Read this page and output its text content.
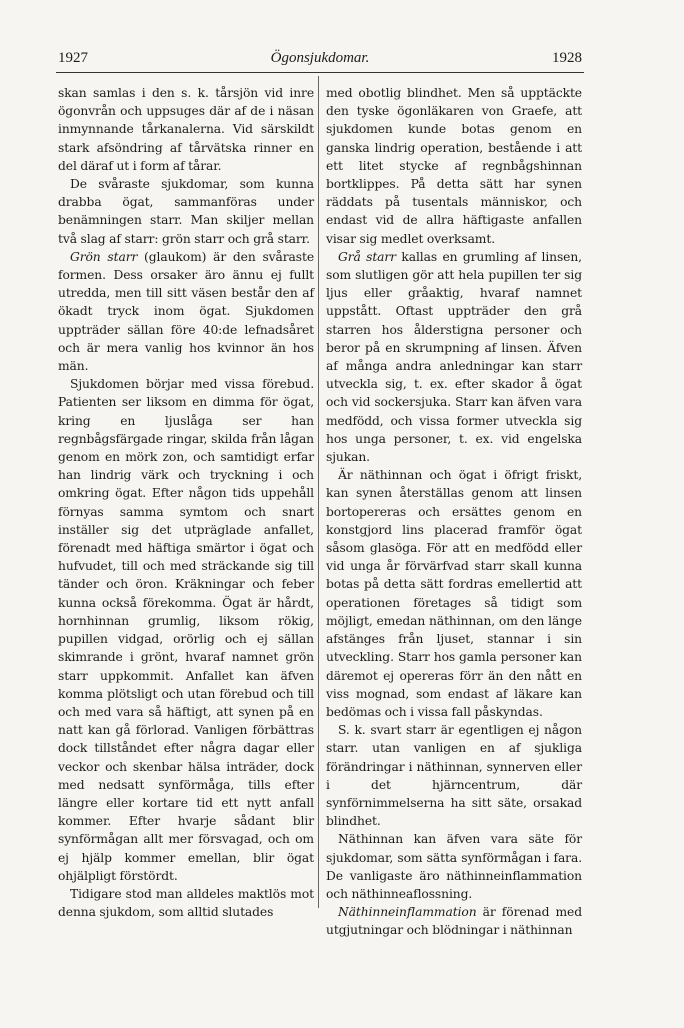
1927	Ögonsjukdomar.	1928

skan samlas i den s. k. tårsjön vid inre ögonvrån och uppsuges där af de i näsan inmynnande tårkanalerna. Vid särskildt stark afsöndring af tårvätska rinner en del däraf ut i form af tårar.

De svåraste sjukdomar, som kunna drabba ögat, sammanföras under benämningen starr. Man skiljer mellan två slag af starr: grön starr och grå starr.

Grön starr (glaukom) är den svåraste formen. Dess orsaker äro ännu ej fullt utredda, men till sitt väsen består den af ökadt tryck inom ögat. Sjukdomen uppträder sällan före 40:de lefnadsåret och är mera vanlig hos kvinnor än hos män.

Sjukdomen börjar med vissa förebud. Patienten ser liksom en dimma för ögat, kring en ljuslåga ser han regnbågsfärgade ringar, skilda från lågan genom en mörk zon, och samtidigt erfar han lindrig värk och tryckning i och omkring ögat. Efter någon tids uppehåll förnyas samma symtom och snart inställer sig det utpräglade anfallet, förenadt med häftiga smärtor i ögat och hufvudet, till och med sträckande sig till tänder och öron. Kräkningar och feber kunna också förekomma. Ögat är hårdt, hornhinnan grumlig, liksom rökig, pupillen vidgad, orörlig och ej sällan skimrande i grönt, hvaraf namnet grön starr uppkommit. Anfallet kan äfven komma plötsligt och utan förebud och till och med vara så häftigt, att synen på en natt kan gå förlorad. Vanligen förbättras dock tillståndet efter några dagar eller veckor och skenbar hälsa inträder, dock med nedsatt synförmåga, tills efter längre eller kortare tid ett nytt anfall kommer. Efter hvarje sådant blir synförmågan allt mer försvagad, och om ej hjälp kommer emellan, blir ögat ohjälpligt förstördt.

Tidigare stod man alldeles maktlös mot denna sjukdom, som alltid slutades

med obotlig blindhet. Men så upptäckte den tyske ögonläkaren von Graefe, att sjukdomen kunde botas genom en ganska lindrig operation, bestående i att ett litet stycke af regnbågshinnan bortklippes. På detta sätt har synen räddats på tusentals människor, och endast vid de allra häftigaste anfallen visar sig medlet overksamt.

Grå starr kallas en grumling af linsen, som slutligen gör att hela pupillen ter sig ljus eller gråaktig, hvaraf namnet uppstått. Oftast uppträder den grå starren hos ålderstigna personer och beror på en skrumpning af linsen. Äfven af många andra anledningar kan starr utveckla sig, t. ex. efter skador å ögat och vid sockersjuka. Starr kan äfven vara medfödd, och vissa former utveckla sig hos unga personer, t. ex. vid engelska sjukan.

Är näthinnan och ögat i öfrigt friskt, kan synen återställas genom att linsen bortopereras och ersättes genom en konstgjord lins placerad framför ögat såsom glasöga. För att en medfödd eller vid unga år förvärfvad starr skall kunna botas på detta sätt fordras emellertid att operationen företages så tidigt som möjligt, emedan näthinnan, om den länge afstänges från ljuset, stannar i sin utveckling. Starr hos gamla personer kan däremot ej opereras förr än den nått en viss mognad, som endast af läkare kan bedömas och i vissa fall påskyndas.

S. k. svart starr är egentligen ej någon starr. utan vanligen en af sjukliga förändringar i näthinnan, synnerven eller i det hjärncentrum, där synförnimmelserna ha sitt säte, orsakad blindhet.

Näthinnan kan äfven vara säte för sjukdomar, som sätta synförmågan i fara. De vanligaste äro näthinneinflammation och näthinneaflossning.

Näthinneinflammation är förenad med utgjutningar och blödningar i näthinnan
